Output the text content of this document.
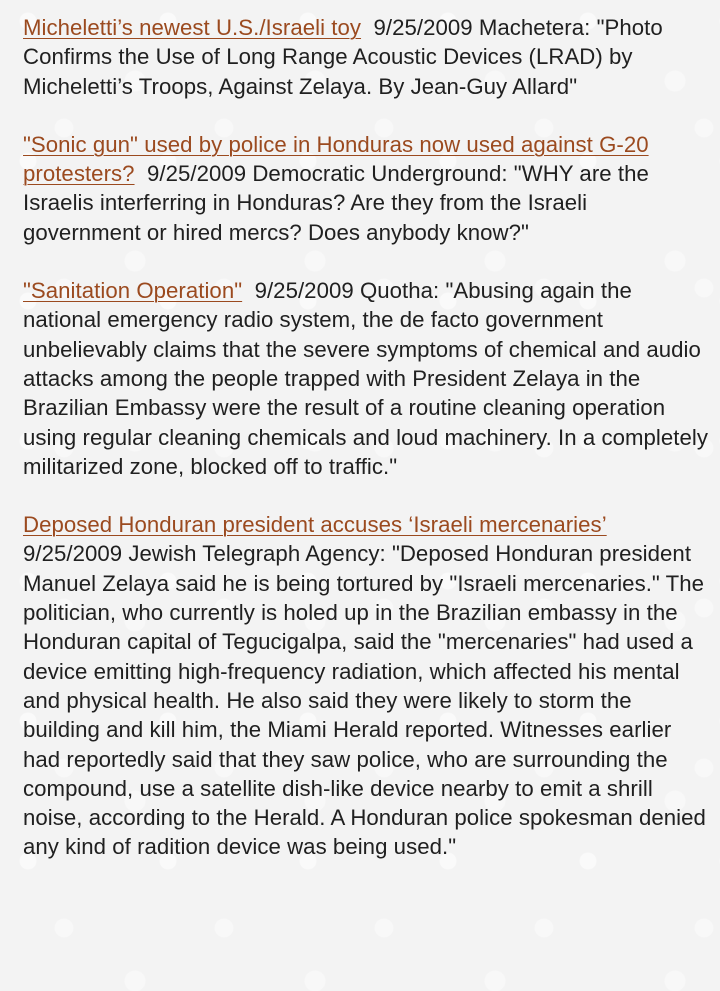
Micheletti’s newest U.S./Israeli toy 9/25/2009 Machetera: "Photo Confirms the Use of Long Range Acoustic Devices (LRAD) by Micheletti’s Troops, Against Zelaya. By Jean-Guy Allard"

"Sonic gun" used by police in Honduras now used against G-20 protesters? 9/25/2009 Democratic Underground: "WHY are the Israelis interferring in Honduras? Are they from the Israeli government or hired mercs? Does anybody know?"

"Sanitation Operation" 9/25/2009 Quotha: "Abusing again the national emergency radio system, the de facto government unbelievably claims that the severe symptoms of chemical and audio attacks among the people trapped with President Zelaya in the Brazilian Embassy were the result of a routine cleaning operation using regular cleaning chemicals and loud machinery. In a completely militarized zone, blocked off to traffic."

Deposed Honduran president accuses ‘Israeli mercenaries’  9/25/2009 Jewish Telegraph Agency: "Deposed Honduran president Manuel Zelaya said he is being tortured by "Israeli mercenaries." The politician, who currently is holed up in the Brazilian embassy in the Honduran capital of Tegucigalpa, said the "mercenaries" had used a device emitting high-frequency radiation, which affected his mental and physical health. He also said they were likely to storm the building and kill him, the Miami Herald reported. Witnesses earlier had reportedly said that they saw police, who are surrounding the compound, use a satellite dish-like device nearby to emit a shrill noise, according to the Herald. A Honduran police spokesman denied any kind of radition device was being used."
